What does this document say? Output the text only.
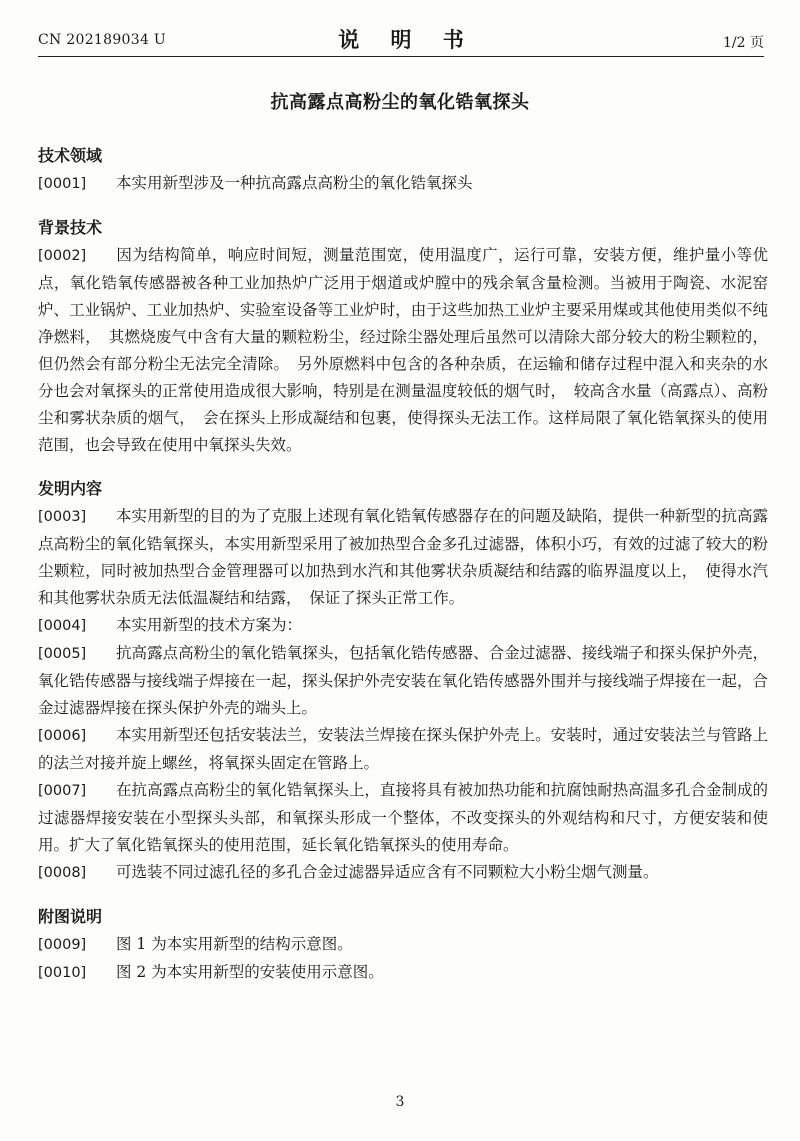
CN 202189034 U	说 明 书	1/2 页
抗高露点高粉尘的氧化锆氧探头
技术领域

[0001] 本实用新型涉及一种抗高露点高粉尘的氧化锆氧探头

背景技术

[0002] 因为结构简单，响应时间短，测量范围宽，使用温度广，运行可靠，安装方便，维护量小等优点，氧化锆氧传感器被各种工业加热炉广泛用于烟道或炉膛中的残余氧含量检测。当被用于陶瓷、水泥窑炉、工业锅炉、工业加热炉、实验室设备等工业炉时，由于这些加热工业炉主要采用煤或其他使用类似不纯净燃料，　其燃烧废气中含有大量的颗粒粉尘，经过除尘器处理后虽然可以清除大部分较大的粉尘颗粒的，但仍然会有部分粉尘无法完全清除。　另外原燃料中包含的各种杂质，在运输和储存过程中混入和夹杂的水分也会对氧探头的正常使用造成很大影响，特别是在测量温度较低的烟气时，　较高含水量（高露点）、高粉尘和雾状杂质的烟气，　会在探头上形成凝结和包裹，使得探头无法工作。这样局限了氧化锆氧探头的使用范围，也会导致在使用中氧探头失效。

发明内容

[0003] 本实用新型的目的为了克服上述现有氧化锆氧传感器存在的问题及缺陷，提供一种新型的抗高露点高粉尘的氧化锆氧探头，本实用新型采用了被加热型合金多孔过滤器，体积小巧，有效的过滤了较大的粉尘颗粒，同时被加热型合金管理器可以加热到水汽和其他雾状杂质凝结和结露的临界温度以上，　使得水汽和其他雾状杂质无法低温凝结和结露，　保证了探头正常工作。

[0004] 本实用新型的技术方案为：

[0005] 抗高露点高粉尘的氧化锆氧探头，包括氧化锆传感器、合金过滤器、接线端子和探头保护外壳，氧化锆传感器与接线端子焊接在一起，探头保护外壳安装在氧化锆传感器外围并与接线端子焊接在一起，合金过滤器焊接在探头保护外壳的端头上。

[0006] 本实用新型还包括安装法兰，安装法兰焊接在探头保护外壳上。安装时，通过安装法兰与管路上的法兰对接并旋上螺丝，将氧探头固定在管路上。

[0007] 在抗高露点高粉尘的氧化锆氧探头上，直接将具有被加热功能和抗腐蚀耐热高温多孔合金制成的过滤器焊接安装在小型探头头部，和氧探头形成一个整体，不改变探头的外观结构和尺寸，方便安装和使用。扩大了氧化锆氧探头的使用范围，延长氧化锆氧探头的使用寿命。

[0008] 可选装不同过滤孔径的多孔合金过滤器异适应含有不同颗粒大小粉尘烟气测量。

附图说明

[0009] 图 1 为本实用新型的结构示意图。

[0010] 图 2 为本实用新型的安装使用示意图。

3
